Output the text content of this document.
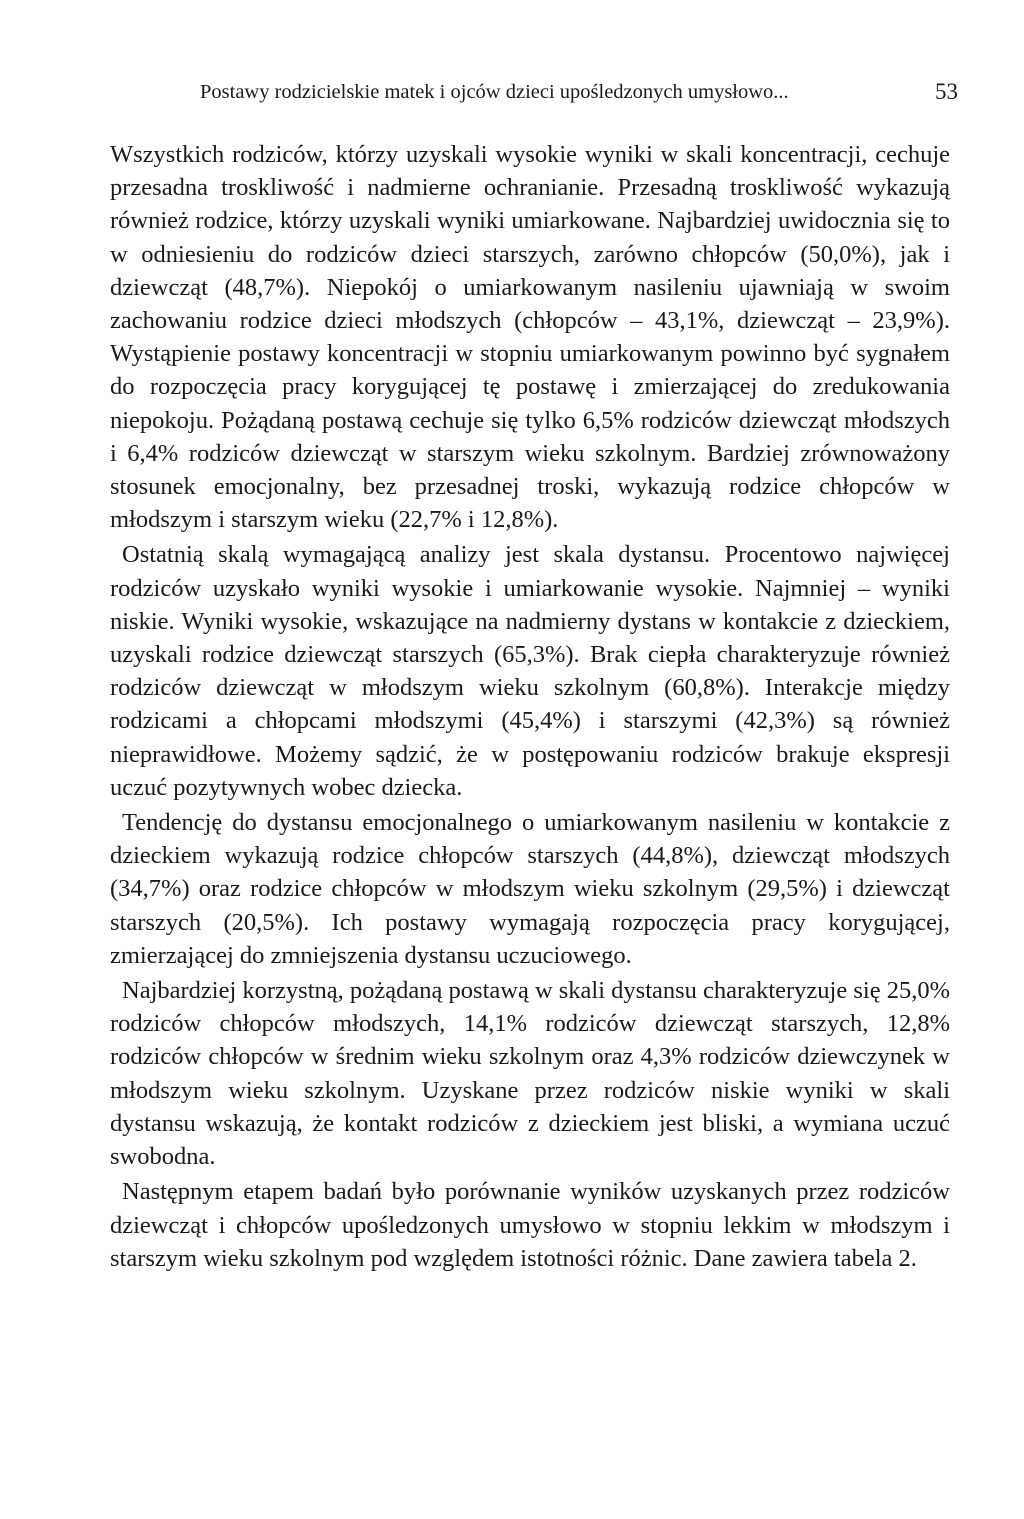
Postawy rodzicielskie matek i ojców dzieci upośledzonych umysłowo...	53

Wszystkich rodziców, którzy uzyskali wysokie wyniki w skali koncentracji, cechuje przesadna troskliwość i nadmierne ochranianie. Przesadną troskliwość wykazują również rodzice, którzy uzyskali wyniki umiarkowane. Najbardziej uwidocznia się to w odniesieniu do rodziców dzieci starszych, zarówno chłopców (50,0%), jak i dziewcząt (48,7%). Niepokój o umiarkowanym nasileniu ujawniają w swoim zachowaniu rodzice dzieci młodszych (chłopców – 43,1%, dziewcząt – 23,9%). Wystąpienie postawy koncentracji w stopniu umiarkowanym powinno być sygnałem do rozpoczęcia pracy korygującej tę postawę i zmierzającej do zredukowania niepokoju. Pożądaną postawą cechuje się tylko 6,5% rodziców dziewcząt młodszych i 6,4% rodziców dziewcząt w starszym wieku szkolnym. Bardziej zrównoważony stosunek emocjonalny, bez przesadnej troski, wykazują rodzice chłopców w młodszym i starszym wieku (22,7% i 12,8%).

Ostatnią skalą wymagającą analizy jest skala dystansu. Procentowo najwięcej rodziców uzyskało wyniki wysokie i umiarkowanie wysokie. Najmniej – wyniki niskie. Wyniki wysokie, wskazujące na nadmierny dystans w kontakcie z dzieckiem, uzyskali rodzice dziewcząt starszych (65,3%). Brak ciepła charakteryzuje również rodziców dziewcząt w młodszym wieku szkolnym (60,8%). Interakcje między rodzicami a chłopcami młodszymi (45,4%) i starszymi (42,3%) są również nieprawidłowe. Możemy sądzić, że w postępowaniu rodziców brakuje ekspresji uczuć pozytywnych wobec dziecka.

Tendencję do dystansu emocjonalnego o umiarkowanym nasileniu w kontakcie z dzieckiem wykazują rodzice chłopców starszych (44,8%), dziewcząt młodszych (34,7%) oraz rodzice chłopców w młodszym wieku szkolnym (29,5%) i dziewcząt starszych (20,5%). Ich postawy wymagają rozpoczęcia pracy korygującej, zmierzającej do zmniejszenia dystansu uczuciowego.

Najbardziej korzystną, pożądaną postawą w skali dystansu charakteryzuje się 25,0% rodziców chłopców młodszych, 14,1% rodziców dziewcząt starszych, 12,8% rodziców chłopców w średnim wieku szkolnym oraz 4,3% rodziców dziewczynek w młodszym wieku szkolnym. Uzyskane przez rodziców niskie wyniki w skali dystansu wskazują, że kontakt rodziców z dzieckiem jest bliski, a wymiana uczuć swobodna.

Następnym etapem badań było porównanie wyników uzyskanych przez rodziców dziewcząt i chłopców upośledzonych umysłowo w stopniu lekkim w młodszym i starszym wieku szkolnym pod względem istotności różnic. Dane zawiera tabela 2.
